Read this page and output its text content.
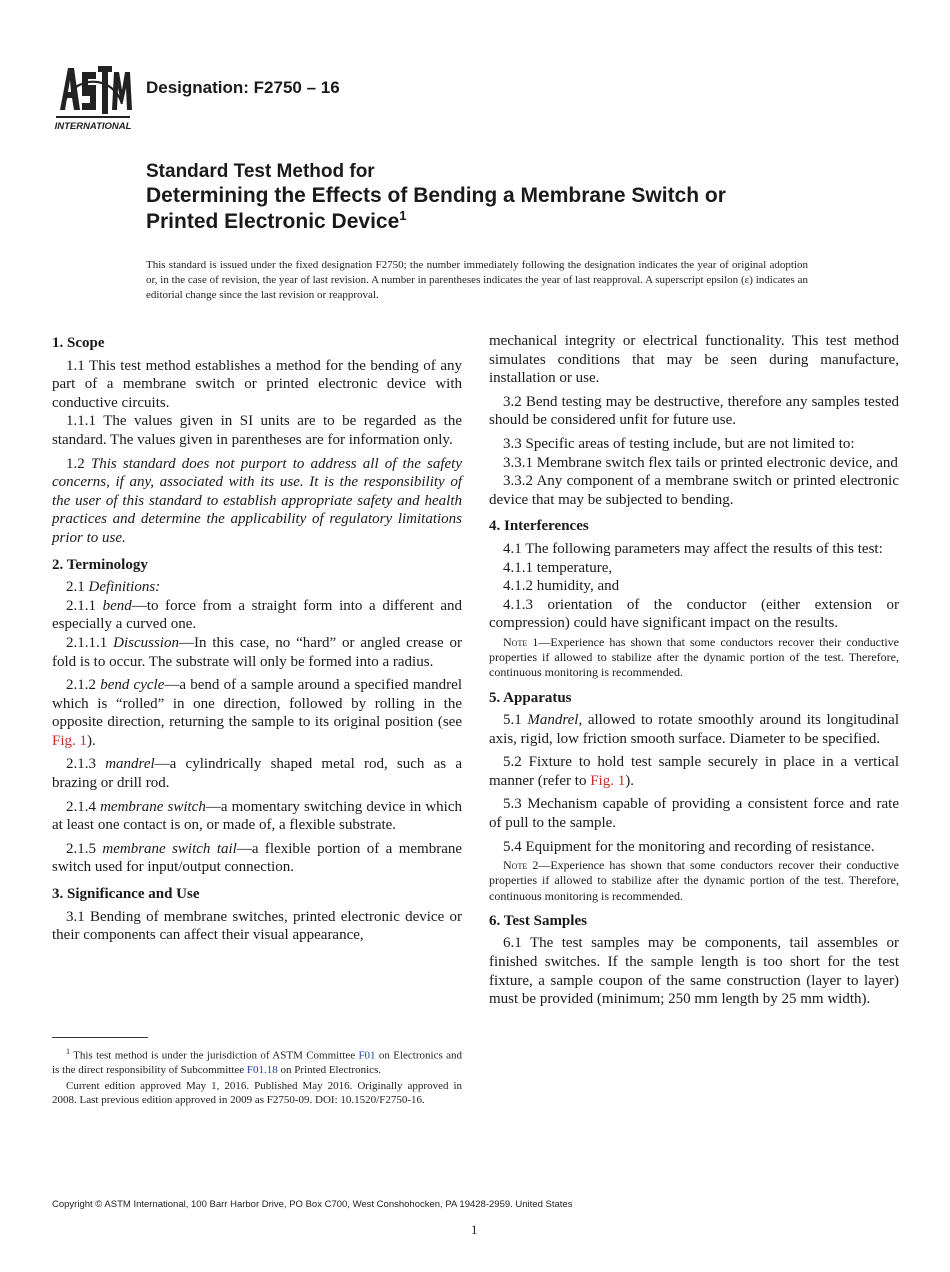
INTERNATIONAL
Designation: F2750 – 16
Standard Test Method for
Determining the Effects of Bending a Membrane Switch or
Printed Electronic Device$^1$
This standard is issued under the fixed designation F2750; the number immediately following the designation indicates the year of original adoption or, in the case of revision, the year of last revision. A number in parentheses indicates the year of last reapproval. A superscript epsilon (ε) indicates an editorial change since the last revision or reapproval.
1. Scope

1.1 This test method establishes a method for the bending of any part of a membrane switch or printed electronic device with conductive circuits.

1.1.1 The values given in SI units are to be regarded as the standard. The values given in parentheses are for information only.

1.2 This standard does not purport to address all of the safety concerns, if any, associated with its use. It is the responsibility of the user of this standard to establish appropriate safety and health practices and determine the applicability of regulatory limitations prior to use.

2. Terminology

2.1 Definitions:

2.1.1 bend—to force from a straight form into a different and especially a curved one.

2.1.1.1 Discussion—In this case, no “hard” or angled crease or fold is to occur. The substrate will only be formed into a radius.

2.1.2 bend cycle—a bend of a sample around a specified mandrel which is “rolled” in one direction, followed by rolling in the opposite direction, returning the sample to its original position (see Fig. 1).

2.1.3 mandrel—a cylindrically shaped metal rod, such as a brazing or drill rod.

2.1.4 membrane switch—a momentary switching device in which at least one contact is on, or made of, a flexible substrate.

2.1.5 membrane switch tail—a flexible portion of a membrane switch used for input/output connection.

3. Significance and Use

3.1 Bending of membrane switches, printed electronic device or their components can affect their visual appearance,

mechanical integrity or electrical functionality. This test method simulates conditions that may be seen during manufacture, installation or use.

3.2 Bend testing may be destructive, therefore any samples tested should be considered unfit for future use.

3.3 Specific areas of testing include, but are not limited to:

3.3.1 Membrane switch flex tails or printed electronic device, and

3.3.2 Any component of a membrane switch or printed electronic device that may be subjected to bending.

4. Interferences

4.1 The following parameters may affect the results of this test:

4.1.1 temperature,

4.1.2 humidity, and

4.1.3 orientation of the conductor (either extension or compression) could have significant impact on the results.

Note 1—Experience has shown that some conductors recover their conductive properties if allowed to stabilize after the dynamic portion of the test. Therefore, continuous monitoring is recommended.

5. Apparatus

5.1 Mandrel, allowed to rotate smoothly around its longitudinal axis, rigid, low friction smooth surface. Diameter to be specified.

5.2 Fixture to hold test sample securely in place in a vertical manner (refer to Fig. 1).

5.3 Mechanism capable of providing a consistent force and rate of pull to the sample.

5.4 Equipment for the monitoring and recording of resistance.

Note 2—Experience has shown that some conductors recover their conductive properties if allowed to stabilize after the dynamic portion of the test. Therefore, continuous monitoring is recommended.

6. Test Samples

6.1 The test samples may be components, tail assembles or finished switches. If the sample length is too short for the test fixture, a sample coupon of the same construction (layer to layer) must be provided (minimum; 250 mm length by 25 mm width).

$^1$ This test method is under the jurisdiction of ASTM Committee F01 on Electronics and is the direct responsibility of Subcommittee F01.18 on Printed Electronics.

Current edition approved May 1, 2016. Published May 2016. Originally approved in 2008. Last previous edition approved in 2009 as F2750-09. DOI: 10.1520/F2750-16.

Copyright © ASTM International, 100 Barr Harbor Drive, PO Box C700, West Conshohocken, PA 19428-2959. United States
1
